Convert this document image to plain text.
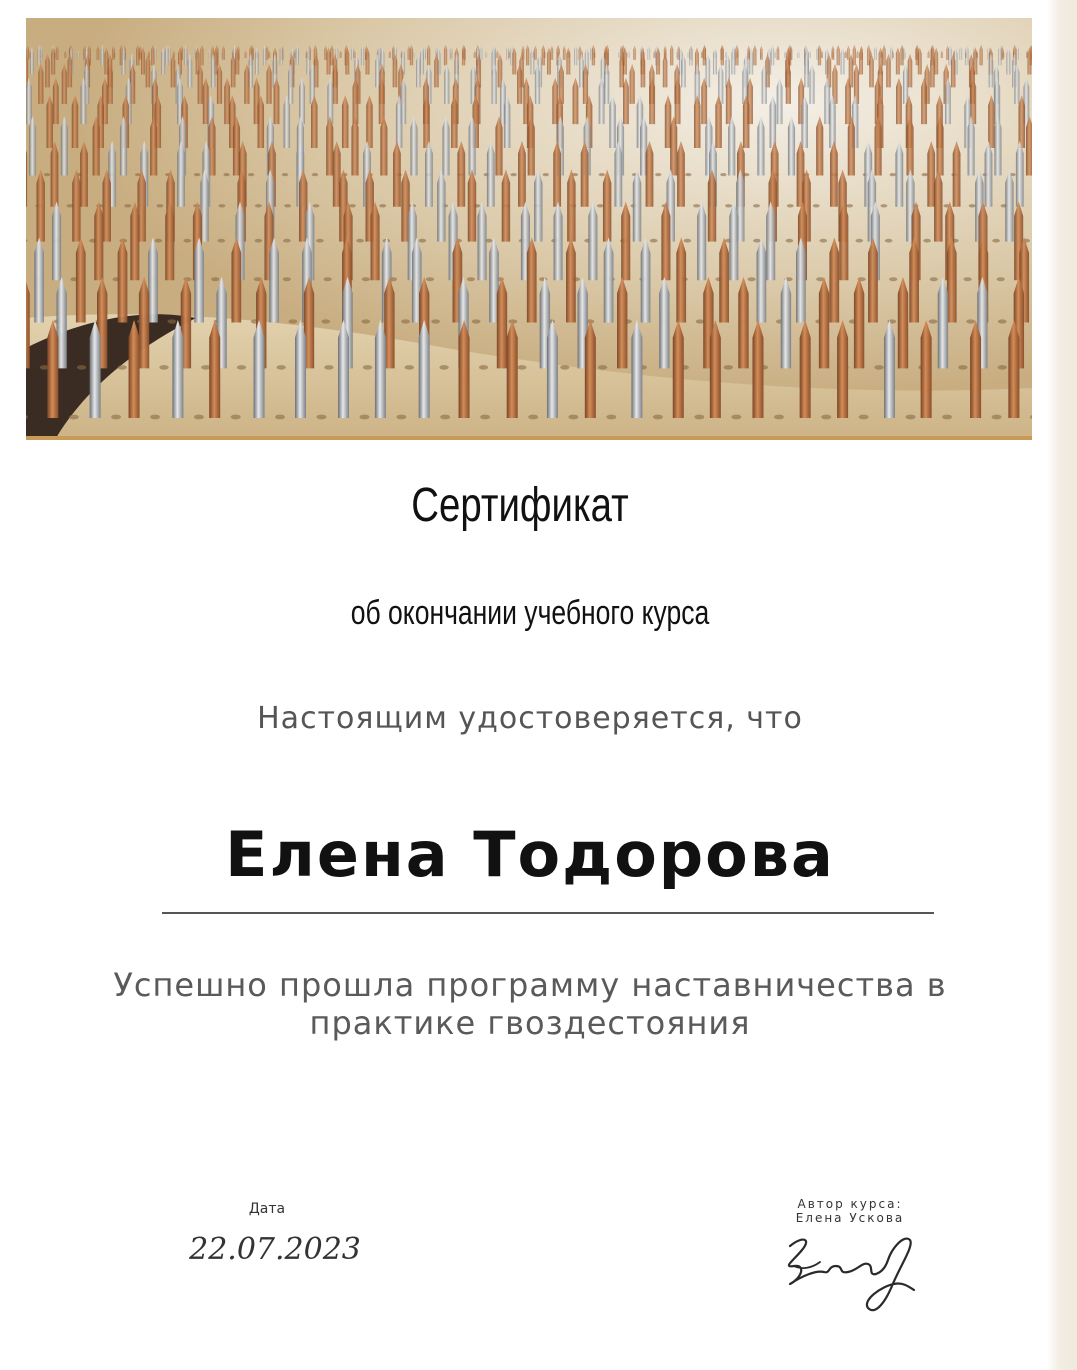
Сертификат
об окончании учебного курса
Настоящим удостоверяется, что
Елена Тодорова
Успешно прошла программу наставничества в
практике гвоздестояния
Дата
22.07.2023
Автор курса:
Елена Ускова
